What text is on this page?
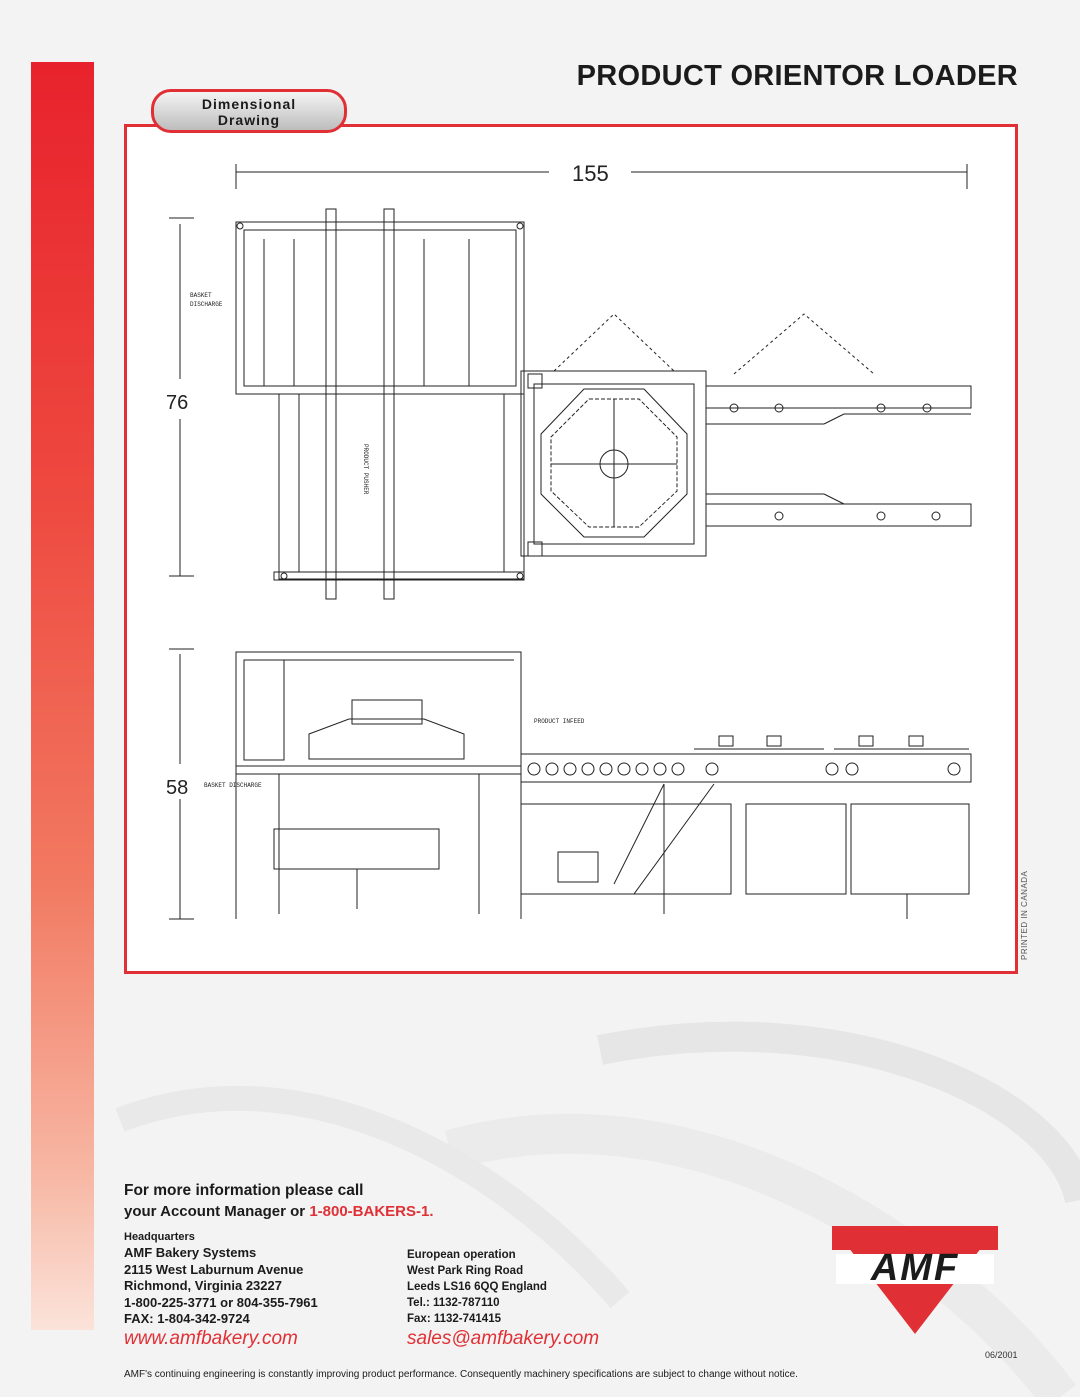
PRODUCT ORIENTOR LOADER
Dimensional
Drawing
155
76
58
BASKET
DISCHARGE
PRODUCT PUSHER
PRODUCT INFEED
BASKET DISCHARGE
PRINTED IN CANADA
For more information please call
your Account Manager or 1-800-BAKERS-1.
Headquarters
AMF Bakery Systems
2115 West Laburnum Avenue
Richmond, Virginia 23227
1-800-225-3771 or 804-355-7961
FAX: 1-804-342-9724
European operation
West Park Ring Road
Leeds LS16 6QQ England
Tel.: 1132-787110
Fax: 1132-741415
www.amfbakery.com	sales@amfbakery.com
AMF
06/2001
AMF's continuing engineering is constantly improving product performance. Consequently machinery specifications are subject to change without notice.
